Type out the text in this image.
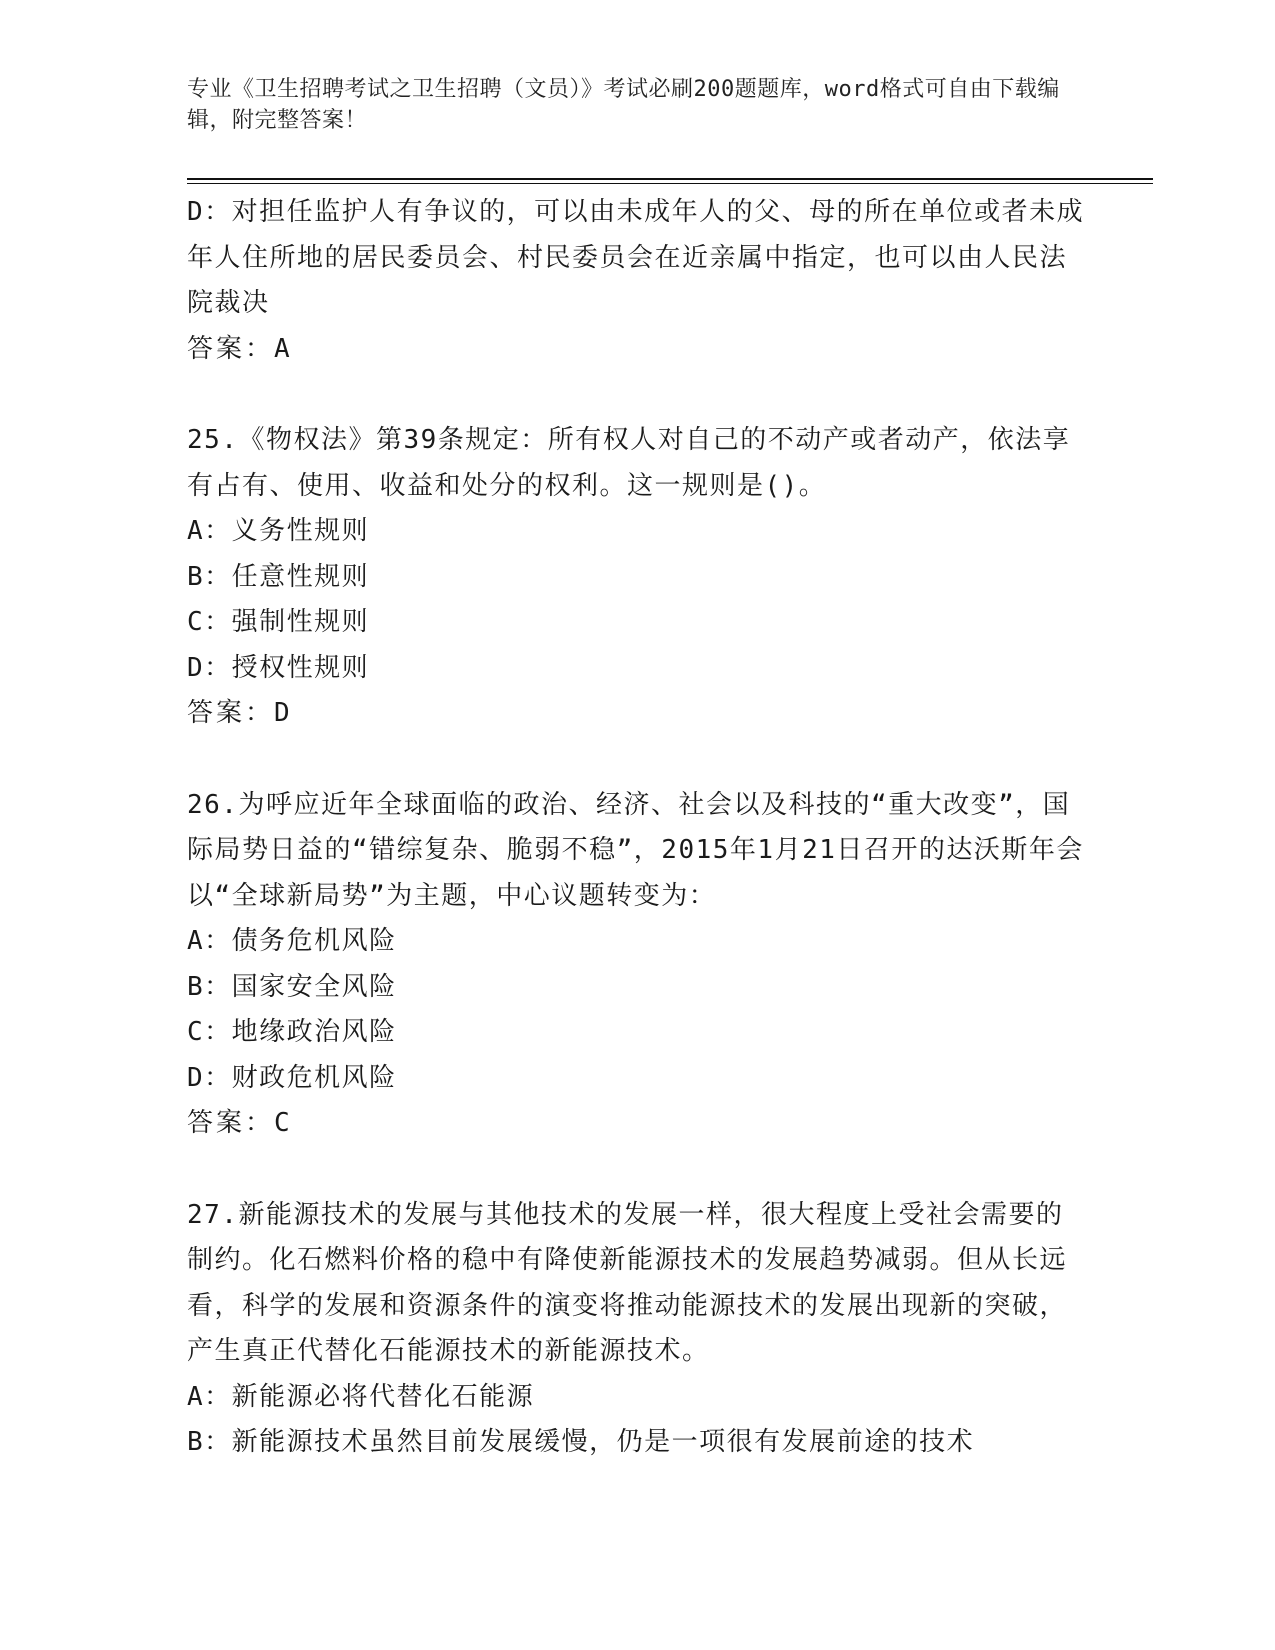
专业《卫生招聘考试之卫生招聘（文员）》考试必刷200题题库，word格式可自由下载编辑，附完整答案！
D：对担任监护人有争议的，可以由未成年人的父、母的所在单位或者未成年人住所地的居民委员会、村民委员会在近亲属中指定，也可以由人民法院裁决
答案：A
25.《物权法》第39条规定：所有权人对自己的不动产或者动产，依法享有占有、使用、收益和处分的权利。这一规则是()。
A：义务性规则
B：任意性规则
C：强制性规则
D：授权性规则
答案：D
26.为呼应近年全球面临的政治、经济、社会以及科技的“重大改变”，国际局势日益的“错综复杂、脆弱不稳”，2015年1月21日召开的达沃斯年会以“全球新局势”为主题，中心议题转变为：
A：债务危机风险
B：国家安全风险
C：地缘政治风险
D：财政危机风险
答案：C
27.新能源技术的发展与其他技术的发展一样，很大程度上受社会需要的制约。化石燃料价格的稳中有降使新能源技术的发展趋势减弱。但从长远看，科学的发展和资源条件的演变将推动能源技术的发展出现新的突破，产生真正代替化石能源技术的新能源技术。
A：新能源必将代替化石能源
B：新能源技术虽然目前发展缓慢，仍是一项很有发展前途的技术
